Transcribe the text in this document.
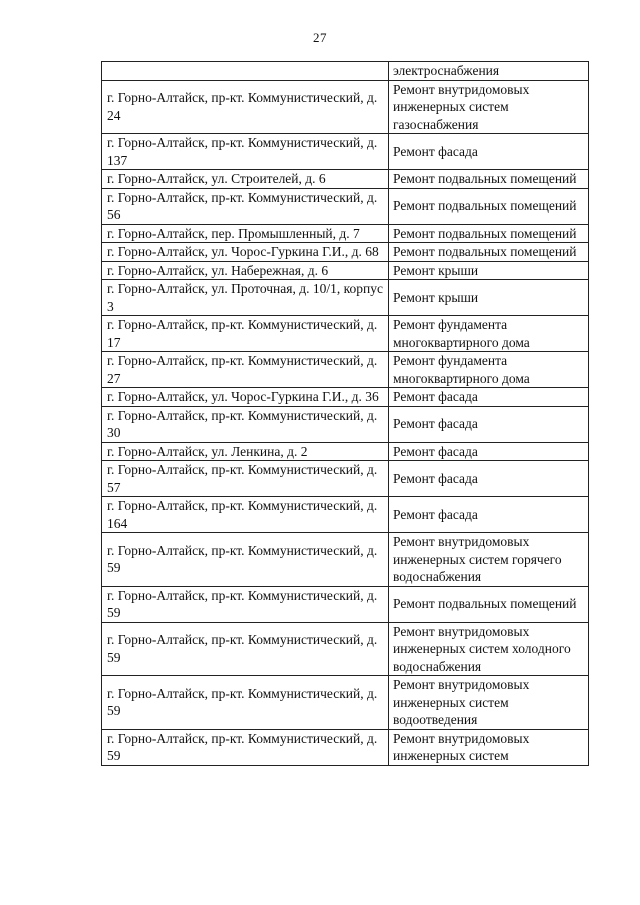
27
	электроснабжения
г. Горно-Алтайск, пр-кт. Коммунистический, д. 24	Ремонт внутридомовых инженерных систем газоснабжения
г. Горно-Алтайск, пр-кт. Коммунистический, д. 137	Ремонт фасада
г. Горно-Алтайск, ул. Строителей, д. 6	Ремонт подвальных помещений
г. Горно-Алтайск, пр-кт. Коммунистический, д. 56	Ремонт подвальных помещений
г. Горно-Алтайск, пер. Промышленный, д. 7	Ремонт подвальных помещений
г. Горно-Алтайск, ул. Чорос-Гуркина Г.И., д. 68	Ремонт подвальных помещений
г. Горно-Алтайск, ул. Набережная, д. 6	Ремонт крыши
г. Горно-Алтайск, ул. Проточная, д. 10/1, корпус 3	Ремонт крыши
г. Горно-Алтайск, пр-кт. Коммунистический, д. 17	Ремонт фундамента многоквартирного дома
г. Горно-Алтайск, пр-кт. Коммунистический, д. 27	Ремонт фундамента многоквартирного дома
г. Горно-Алтайск, ул. Чорос-Гуркина Г.И., д. 36	Ремонт фасада
г. Горно-Алтайск, пр-кт. Коммунистический, д. 30	Ремонт фасада
г. Горно-Алтайск, ул. Ленкина, д. 2	Ремонт фасада
г. Горно-Алтайск, пр-кт. Коммунистический, д. 57	Ремонт фасада
г. Горно-Алтайск, пр-кт. Коммунистический, д. 164	Ремонт фасада
г. Горно-Алтайск, пр-кт. Коммунистический, д. 59	Ремонт внутридомовых инженерных систем горячего водоснабжения
г. Горно-Алтайск, пр-кт. Коммунистический, д. 59	Ремонт подвальных помещений
г. Горно-Алтайск, пр-кт. Коммунистический, д. 59	Ремонт внутридомовых инженерных систем холодного водоснабжения
г. Горно-Алтайск, пр-кт. Коммунистический, д. 59	Ремонт внутридомовых инженерных систем водоотведения
г. Горно-Алтайск, пр-кт. Коммунистический, д. 59	Ремонт внутридомовых инженерных систем
